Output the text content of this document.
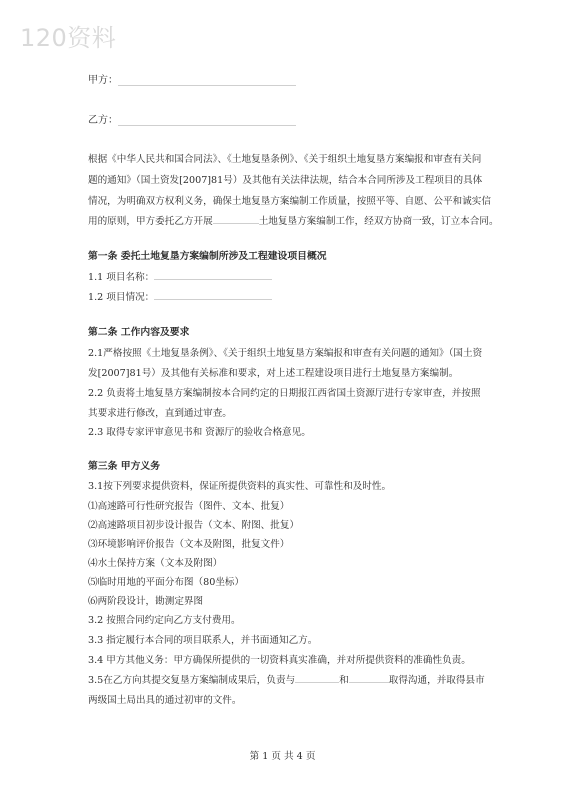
120资料
甲方：
乙方：
根据《中华人民共和国合同法》、《土地复垦条例》、《关于组织土地复垦方案编报和审查有关问
题的通知》（国土资发[2007]81号）及其他有关法律法规，结合本合同所涉及工程项目的具体
情况，为明确双方权利义务，确保土地复垦方案编制工作质量，按照平等、自愿、公平和诚实信
用的原则，甲方委托乙方开展	土地复垦方案编制工作，经双方协商一致，订立本合同。
第一条 委托土地复垦方案编制所涉及工程建设项目概况
1.1 项目名称：
1.2 项目情况：
第二条 工作内容及要求
2.1严格按照《土地复垦条例》、《关于组织土地复垦方案编报和审查有关问题的通知》（国土资
发[2007]81号）及其他有关标准和要求，对上述工程建设项目进行土地复垦方案编制。
2.2 负责将土地复垦方案编制按本合同约定的日期报江西省国土资源厅进行专家审查，并按照
其要求进行修改，直到通过审查。
2.3 取得专家评审意见书和 资源厅的验收合格意见。
第三条 甲方义务
3.1按下列要求提供资料，保证所提供资料的真实性、可靠性和及时性。
⑴高速路可行性研究报告（图件、文本、批复）
⑵高速路项目初步设计报告（文本、附图、批复）
⑶环境影响评价报告（文本及附图，批复文件）
⑷水土保持方案（文本及附图）
⑸临时用地的平面分布图（80坐标）
⑹两阶段设计，勘测定界图
3.2 按照合同约定向乙方支付费用。
3.3 指定履行本合同的项目联系人，并书面通知乙方。
3.4 甲方其他义务：甲方确保所提供的一切资料真实准确，并对所提供资料的准确性负责。
3.5在乙方向其提交复垦方案编制成果后，负责与	和	取得沟通，并取得县市
两级国土局出具的通过初审的文件。
第 1 页 共 4 页
